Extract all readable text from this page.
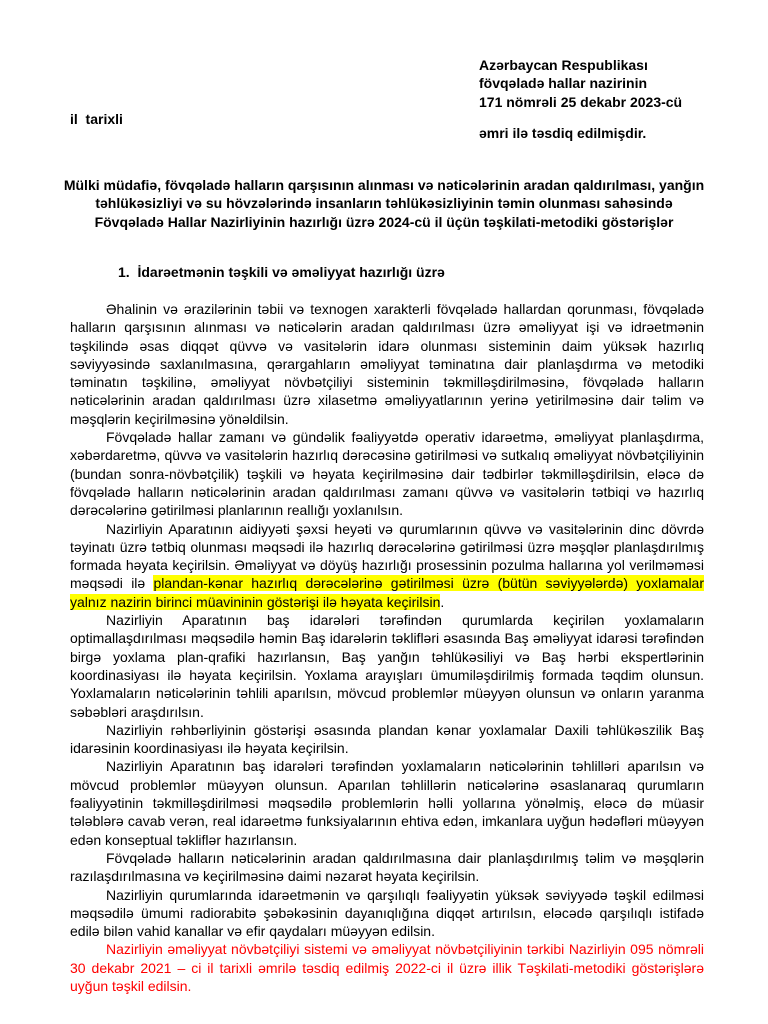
Azərbaycan Respublikası
fövqəladə hallar nazirinin
171 nömrəli 25 dekabr 2023-cü
il  tarixli
əmri ilə təsdiq edilmişdir.
Mülki müdafiə, fövqəladə halların qarşısının alınması və nəticələrinin aradan qaldırılması, yanğın təhlükəsizliyi və su hövzələrində insanların təhlükəsizliyinin təmin olunması sahəsində Fövqəladə Hallar Nazirliyinin hazırlığı üzrə 2024-cü il üçün təşkilati-metodiki göstərişlər
1. İdarəetmənin təşkili və əməliyyat hazırlığı üzrə

Əhalinin və ərazilərinin təbii və texnogen xarakterli fövqəladə hallardan qorunması, fövqəladə halların qarşısının alınması və nəticələrin aradan qaldırılması üzrə əməliyyat işi və idrəetmənin təşkilində əsas diqqət qüvvə və vasitələrin idarə olunması sisteminin daim yüksək hazırlıq səviyyəsində saxlanılmasına, qərargahların əməliyyat təminatına dair planlaşdırma və metodiki təminatın təşkilinə, əməliyyat növbətçiliyi sisteminin təkmilləşdirilməsinə, fövqəladə halların nəticələrinin aradan qaldırılması üzrə xilasetmə əməliyyatlarının yerinə yetirilməsinə dair təlim və məşqlərin keçirilməsinə yönəldilsin.

Fövqəladə hallar zamanı və gündəlik fəaliyyətdə operativ idarəetmə, əməliyyat planlaşdırma, xəbərdaretmə, qüvvə və vasitələrin hazırlıq dərəcəsinə gətirilməsi və sutkalıq əməliyyat növbətçiliyinin (bundan sonra-növbətçilik) təşkili və həyata keçirilməsinə dair tədbirlər təkmilləşdirilsin, eləcə də fövqəladə halların nəticələrinin aradan qaldırılması zamanı qüvvə və vasitələrin tətbiqi və hazırlıq dərəcələrinə gətirilməsi planlarının reallığı yoxlanılsın.

Nazirliyin Aparatının aidiyyəti şəxsi heyəti və qurumlarının qüvvə və vasitələrinin dinc dövrdə təyinatı üzrə tətbiq olunması məqsədi ilə hazırlıq dərəcələrinə gətirilməsi üzrə məşqlər planlaşdırılmış formada həyata keçirilsin. Əməliyyat və döyüş hazırlığı prosessinin pozulma hallarına yol verilməməsi məqsədi ilə plandan-kənar hazırlıq dərəcələrinə gətirilməsi üzrə (bütün səviyyələrdə) yoxlamalar yalnız nazirin birinci müavininin göstərişi ilə həyata keçirilsin.

Nazirliyin Aparatının baş idarələri tərəfindən qurumlarda keçirilən yoxlamaların optimallaşdırılması məqsədilə həmin Baş idarələrin təklifləri əsasında Baş əməliyyat idarəsi tərəfindən birgə yoxlama plan-qrafiki hazırlansın, Baş yanğın təhlükəsiliyi və Baş hərbi ekspertlərinin koordinasiyası ilə həyata keçirilsin. Yoxlama arayışları ümumiləşdirilmiş formada təqdim olunsun. Yoxlamaların nəticələrinin təhlili aparılsın, mövcud problemlər müəyyən olunsun və onların yaranma səbəbləri araşdırılsın.

Nazirliyin rəhbərliyinin göstərişi əsasında plandan kənar yoxlamalar Daxili təhlükəszilik Baş idarəsinin koordinasiyası ilə həyata keçirilsin.

Nazirliyin Aparatının baş idarələri tərəfindən yoxlamaların nəticələrinin təhlilləri aparılsın və mövcud problemlər müəyyən olunsun. Aparılan təhlillərin nəticələrinə əsaslanaraq qurumların fəaliyyətinin təkmilləşdirilməsi məqsədilə problemlərin həlli yollarına yönəlmiş, eləcə də müasir tələblərə cavab verən, real idarəetmə funksiyalarının ehtiva edən, imkanlara uyğun hədəfləri müəyyən edən konseptual təkliflər hazırlansın.

Fövqəladə halların nəticələrinin aradan qaldırılmasına dair planlaşdırılmış təlim və məşqlərin razılaşdırılmasına və keçirilməsinə daimi nəzarət həyata keçirilsin.

Nazirliyin qurumlarında idarəetmənin və qarşılıqlı fəaliyyətin yüksək səviyyədə təşkil edilməsi məqsədilə ümumi radiorabitə şəbəkəsinin dayanıqlığına diqqət artırılsın, eləcədə qarşılıqlı istifadə edilə bilən vahid kanallar və efir qaydaları müəyyən edilsin.

Nazirliyin əməliyyat növbətçiliyi sistemi və əməliyyat növbətçiliyinin tərkibi Nazirliyin 095 nömrəli 30 dekabr 2021 – ci il tarixli əmrilə təsdiq edilmiş 2022-ci il üzrə illik Təşkilati-metodiki göstərişlərə uyğun təşkil edilsin.
